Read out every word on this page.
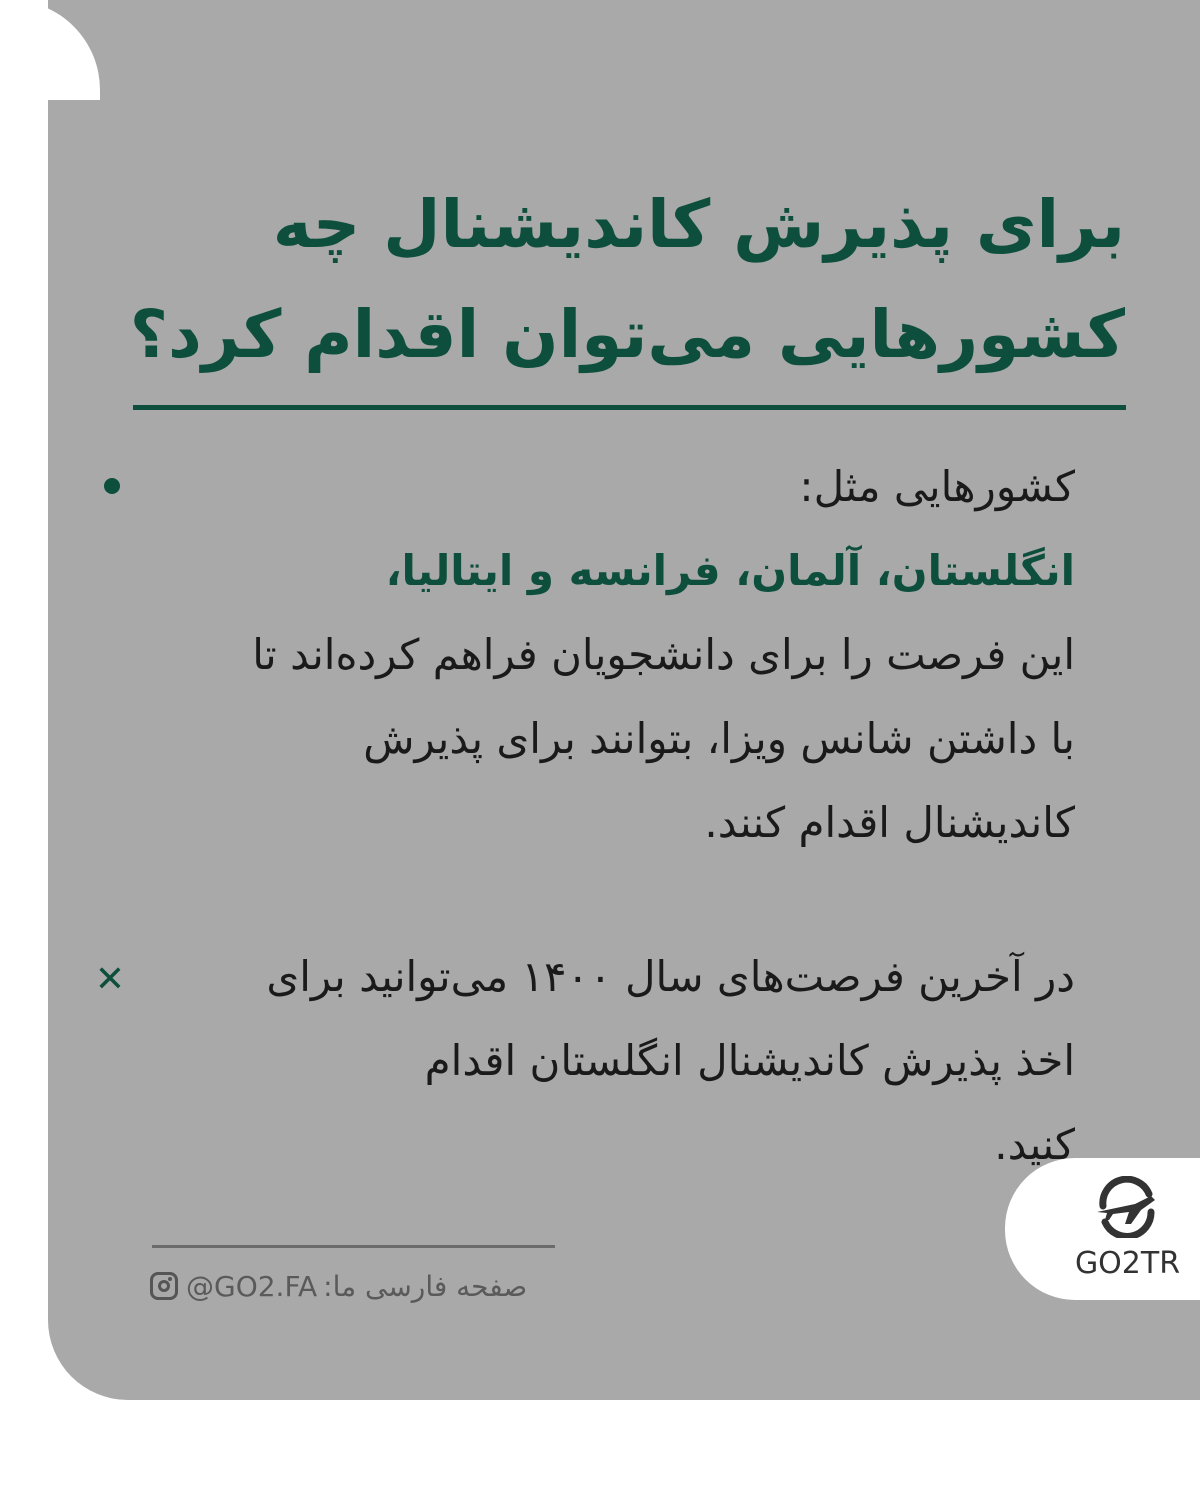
برای پذیرش کاندیشنال چه
کشورهایی می‌توان اقدام کرد؟
کشورهایی مثل:
انگلستان، آلمان، فرانسه و ایتالیا،
این فرصت را برای دانشجویان فراهم کرده‌اند تا
با داشتن شانس ویزا، بتوانند برای پذیرش
کاندیشنال اقدام کنند.
✕	در آخرین فرصت‌های سال ۱۴۰۰ می‌توانید برای
اخذ پذیرش کاندیشنال انگلستان اقدام
کنید.
@GO2.FA صفحه فارسی ما:
GO2TR
